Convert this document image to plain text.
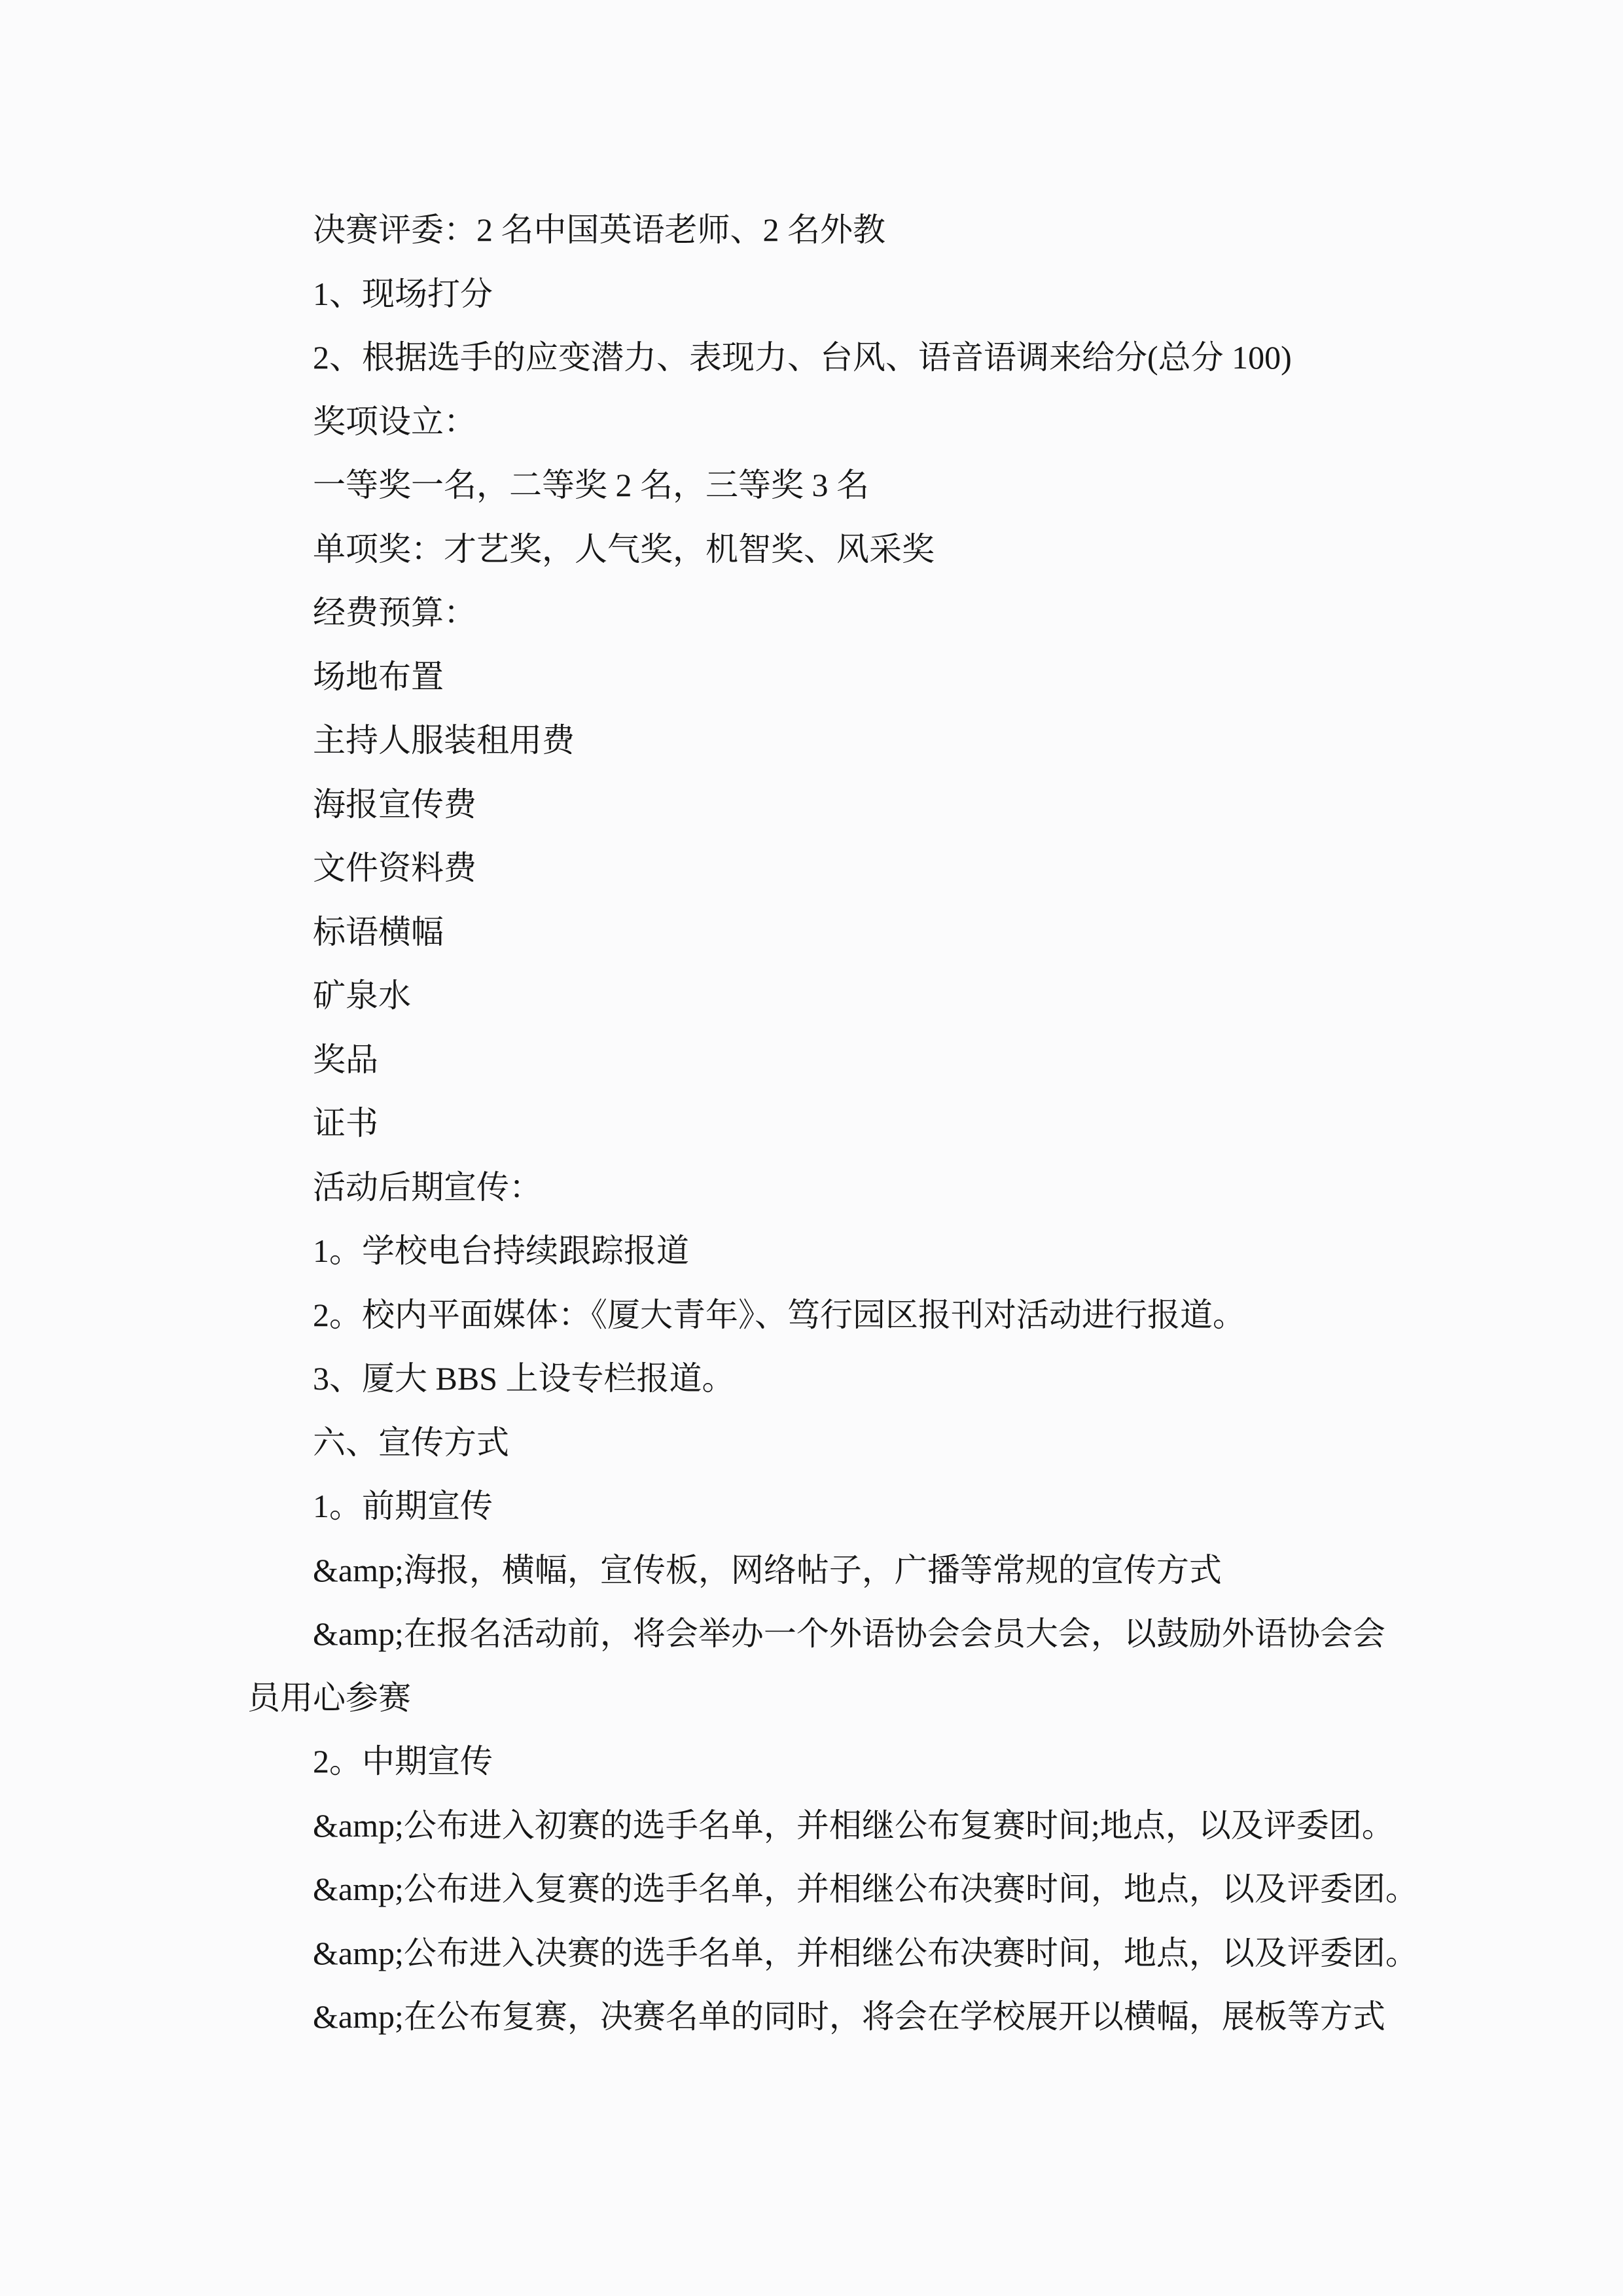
决赛评委：2 名中国英语老师、2 名外教
1、现场打分
2、根据选手的应变潜力、表现力、台风、语音语调来给分(总分 100)
奖项设立：
一等奖一名，二等奖 2 名，三等奖 3 名
单项奖：才艺奖，人气奖，机智奖、风采奖
经费预算：
场地布置
主持人服装租用费
海报宣传费
文件资料费
标语横幅
矿泉水
奖品
证书
活动后期宣传：
1。学校电台持续跟踪报道
2。校内平面媒体：《厦大青年》、笃行园区报刊对活动进行报道。
3、厦大 BBS 上设专栏报道。
六、宣传方式
1。前期宣传
&amp;海报，横幅，宣传板，网络帖子，广播等常规的宣传方式
&amp;在报名活动前，将会举办一个外语协会会员大会，以鼓励外语协会会
员用心参赛
2。中期宣传
&amp;公布进入初赛的选手名单，并相继公布复赛时间;地点，以及评委团。
&amp;公布进入复赛的选手名单，并相继公布决赛时间，地点，以及评委团。
&amp;公布进入决赛的选手名单，并相继公布决赛时间，地点，以及评委团。
&amp;在公布复赛，决赛名单的同时，将会在学校展开以横幅，展板等方式
